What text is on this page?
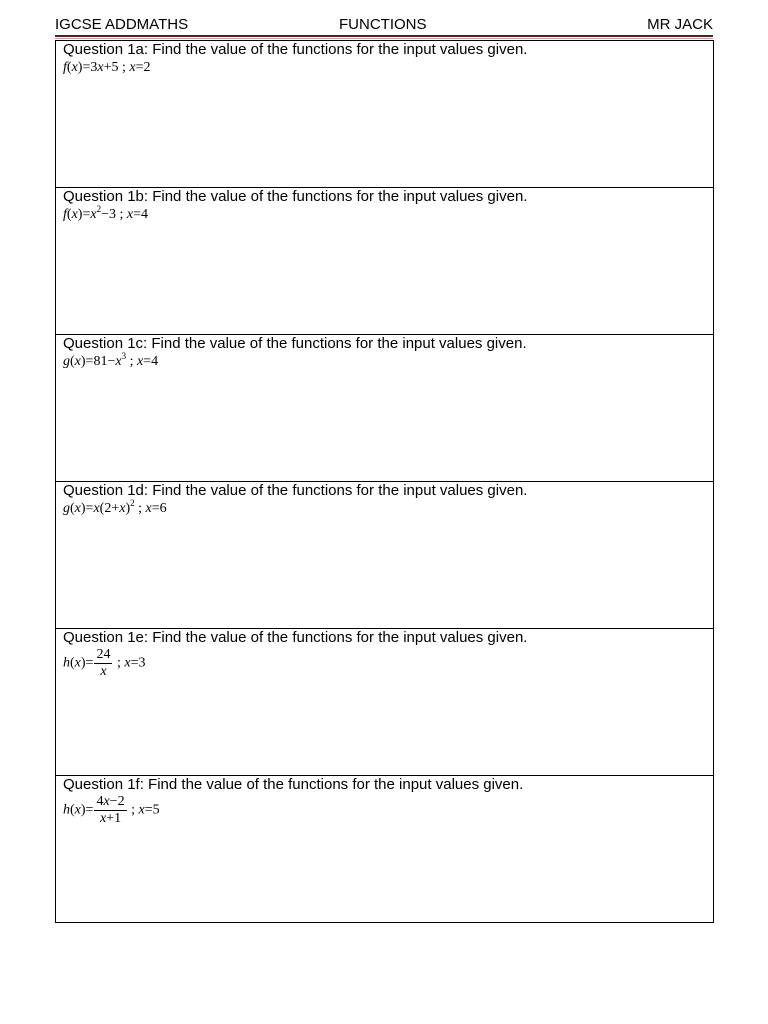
IGCSE ADDMATHS	FUNCTIONS	MR JACK
Question 1a: Find the value of the functions for the input values given.
f(x)=3x+5 ; x=2
Question 1b: Find the value of the functions for the input values given.
$f(x)=x^2-3$ ; x=4
Question 1c: Find the value of the functions for the input values given.
$g(x)=81-x^3$ ; x=4
Question 1d: Find the value of the functions for the input values given.
$g(x)=x(2+x)^2$ ; x=6
Question 1e: Find the value of the functions for the input values given.
$h(x)= \frac{24}{x}$ ; x=3
Question 1f: Find the value of the functions for the input values given.
$h(x)= \frac{4x-2}{x+1}$ ; x=5
